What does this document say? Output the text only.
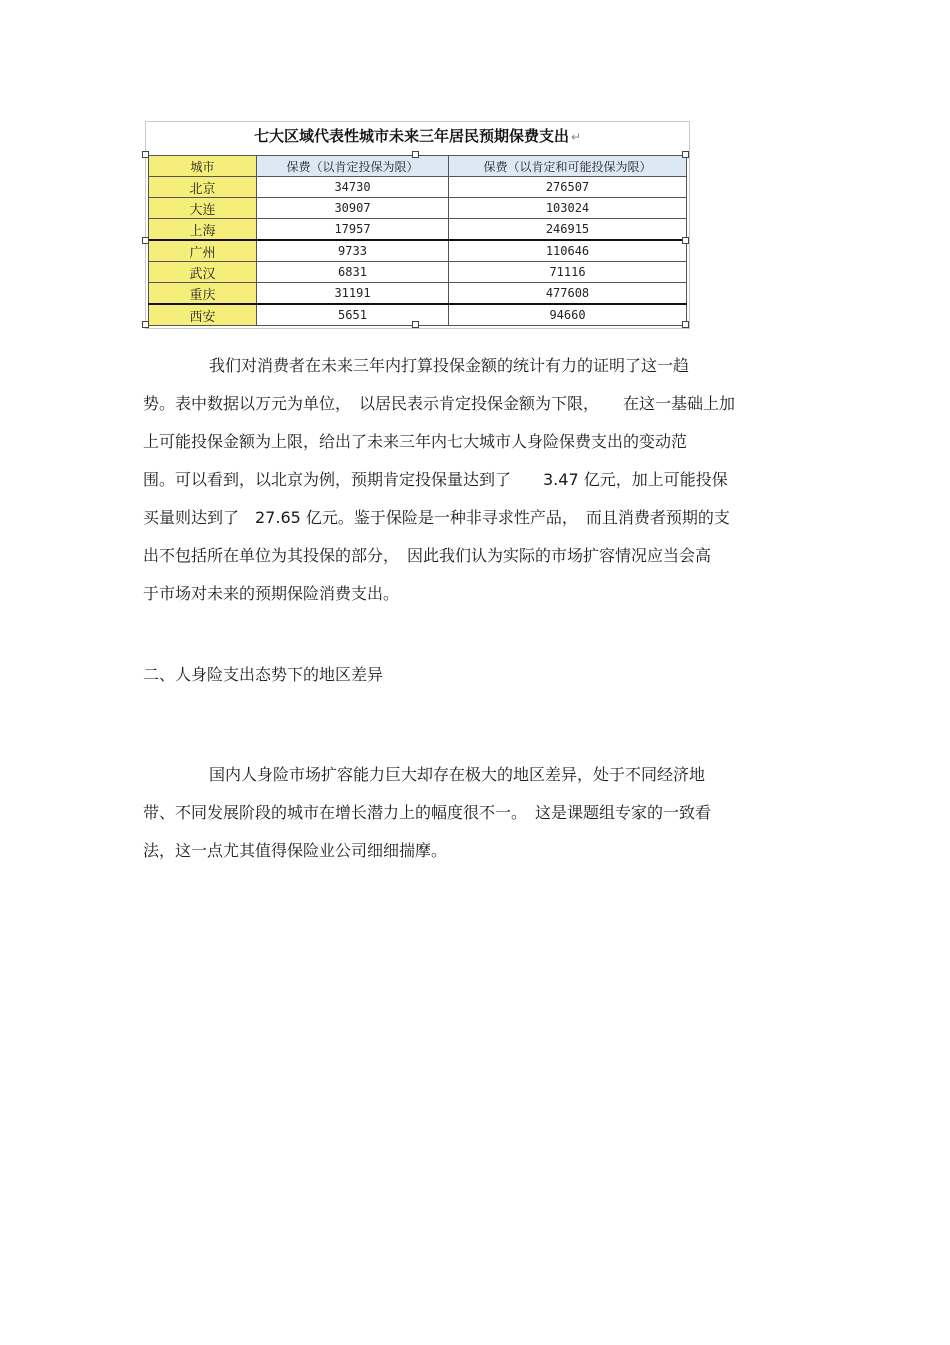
七大区域代表性城市未来三年居民预期保费支出 ↵
城市	保费（以肯定投保为限）	保费（以肯定和可能投保为限）
北京	34730	276507
大连	30907	103024
上海	17957	246915
广州	9733	110646
武汉	6831	71116
重庆	31191	477608
西安	5651	94660

我们对消费者在未来三年内打算投保金额的统计有力的证明了这一趋
势。表中数据以万元为单位，　以居民表示肯定投保金额为下限，　　在这一基础上加
上可能投保金额为上限，给出了未来三年内七大城市人身险保费支出的变动范
围。可以看到，以北京为例，预期肯定投保量达到了　　3.47 亿元，加上可能投保
买量则达到了　27.65 亿元。鉴于保险是一种非寻求性产品，　而且消费者预期的支
出不包括所在单位为其投保的部分，　因此我们认为实际的市场扩容情况应当会高
于市场对未来的预期保险消费支出。

二、人身险支出态势下的地区差异

国内人身险市场扩容能力巨大却存在极大的地区差异，处于不同经济地
带、不同发展阶段的城市在增长潜力上的幅度很不一。　这是课题组专家的一致看
法，这一点尤其值得保险业公司细细揣摩。
